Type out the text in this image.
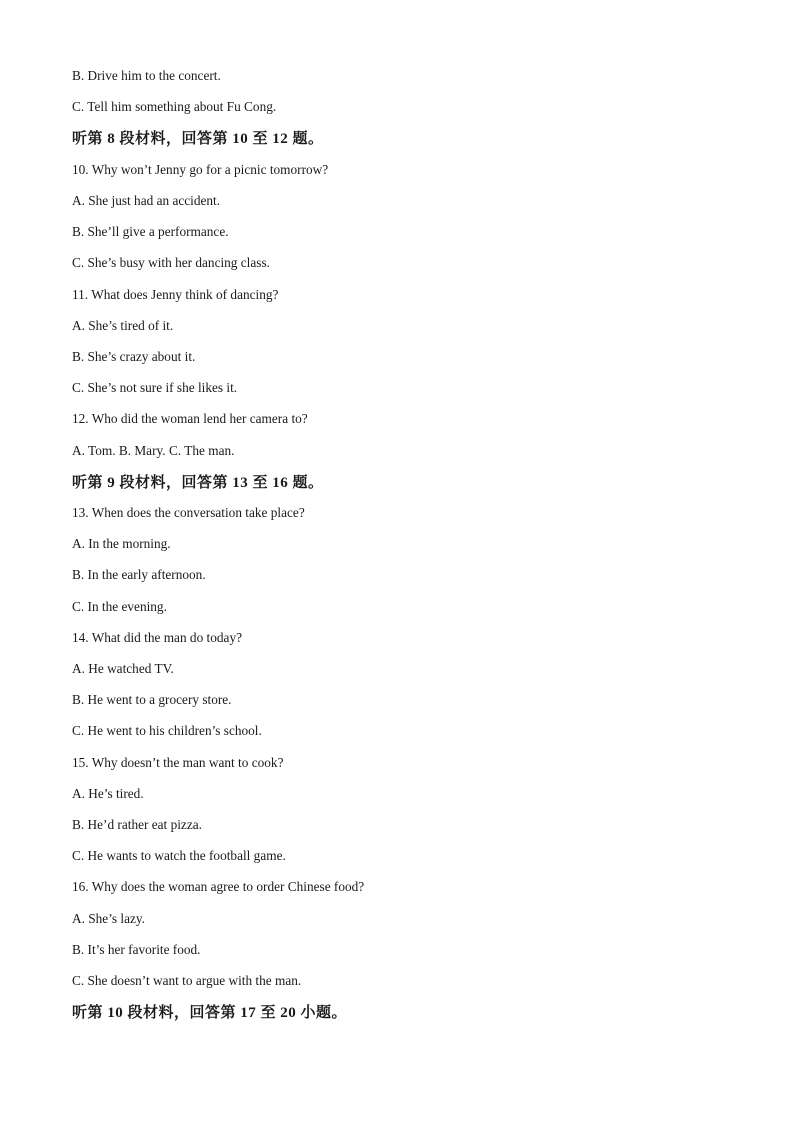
B. Drive him to the concert.
C. Tell him something about Fu Cong.
听第 8 段材料，回答第 10 至 12 题。
10. Why won’t Jenny go for a picnic tomorrow?
A. She just had an accident.
B. She’ll give a performance.
C. She’s busy with her dancing class.
11. What does Jenny think of dancing?
A. She’s tired of it.
B. She’s crazy about it.
C. She’s not sure if she likes it.
12. Who did the woman lend her camera to?
A. Tom. B. Mary. C. The man.
听第 9 段材料，回答第 13 至 16 题。
13. When does the conversation take place?
A. In the morning.
B. In the early afternoon.
C. In the evening.
14. What did the man do today?
A. He watched TV.
B. He went to a grocery store.
C. He went to his children’s school.
15. Why doesn’t the man want to cook?
A. He’s tired.
B. He’d rather eat pizza.
C. He wants to watch the football game.
16. Why does the woman agree to order Chinese food?
A. She’s lazy.
B. It’s her favorite food.
C. She doesn’t want to argue with the man.
听第 10 段材料，回答第 17 至 20 小题。
